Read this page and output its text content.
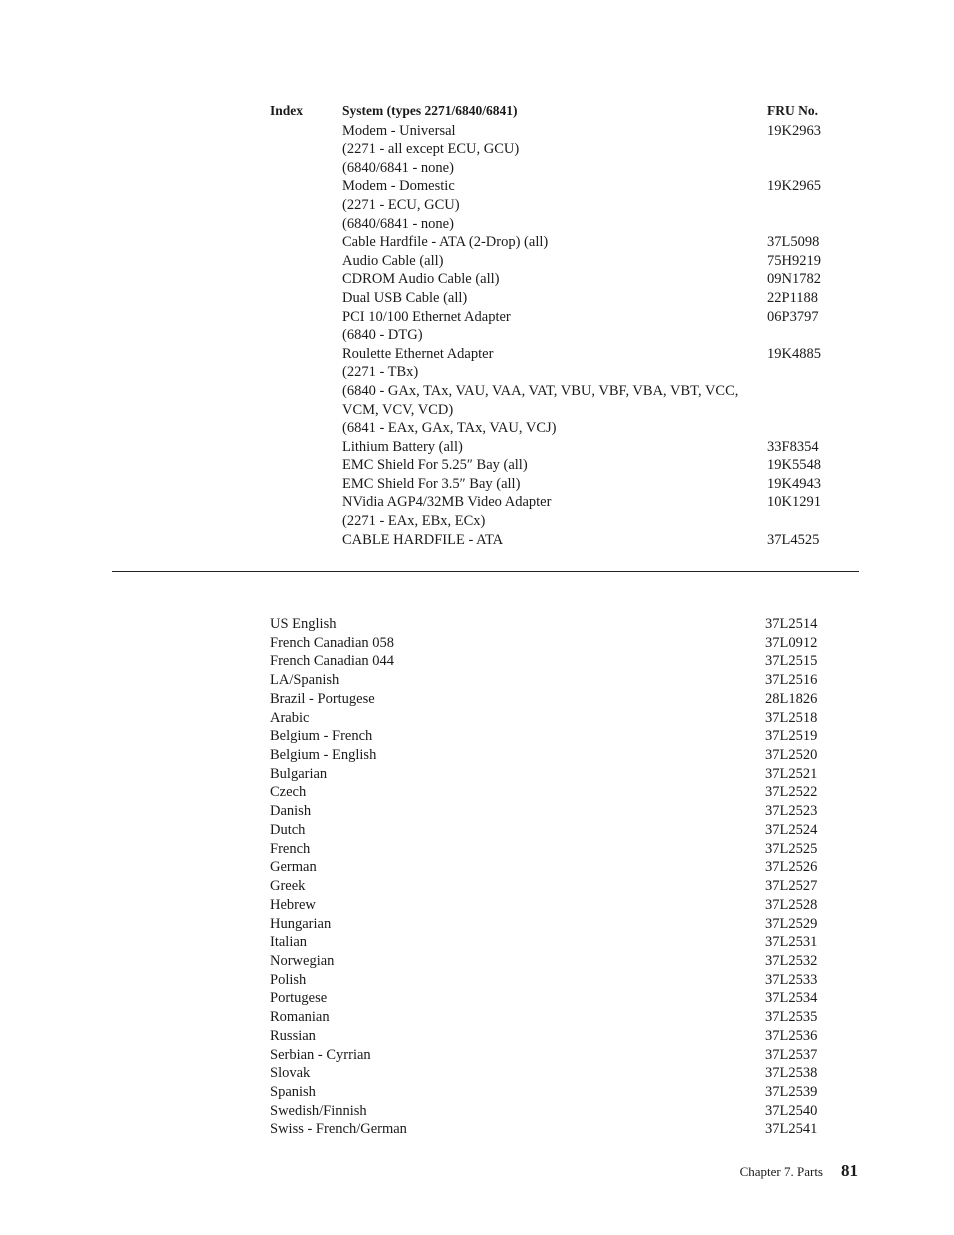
Index	System (types 2271/6840/6841)	FRU No.
Modem - Universal
(2271 - all except ECU, GCU)
(6840/6841 - none)
19K2963
Modem - Domestic
(2271 - ECU, GCU)
(6840/6841 - none)
19K2965
Cable Hardfile - ATA (2-Drop) (all)	37L5098
Audio Cable (all)	75H9219
CDROM Audio Cable (all)	09N1782
Dual USB Cable (all)	22P1188
PCI 10/100 Ethernet Adapter
(6840 - DTG)
06P3797
Roulette Ethernet Adapter
(2271 - TBx)
(6840 - GAx, TAx, VAU, VAA, VAT, VBU, VBF, VBA, VBT, VCC,
VCM, VCV, VCD)
(6841 - EAx, GAx, TAx, VAU, VCJ)
19K4885
Lithium Battery (all)	33F8354
EMC Shield For 5.25″ Bay (all)	19K5548
EMC Shield For 3.5″ Bay (all)	19K4943
NVidia AGP4/32MB Video Adapter
(2271 - EAx, EBx, ECx)
10K1291
CABLE HARDFILE - ATA	37L4525
US English	37L2514
French Canadian 058	37L0912
French Canadian 044	37L2515
LA/Spanish	37L2516
Brazil - Portugese	28L1826
Arabic	37L2518
Belgium - French	37L2519
Belgium - English	37L2520
Bulgarian	37L2521
Czech	37L2522
Danish	37L2523
Dutch	37L2524
French	37L2525
German	37L2526
Greek	37L2527
Hebrew	37L2528
Hungarian	37L2529
Italian	37L2531
Norwegian	37L2532
Polish	37L2533
Portugese	37L2534
Romanian	37L2535
Russian	37L2536
Serbian - Cyrrian	37L2537
Slovak	37L2538
Spanish	37L2539
Swedish/Finnish	37L2540
Swiss - French/German	37L2541
Chapter 7. Parts 81
